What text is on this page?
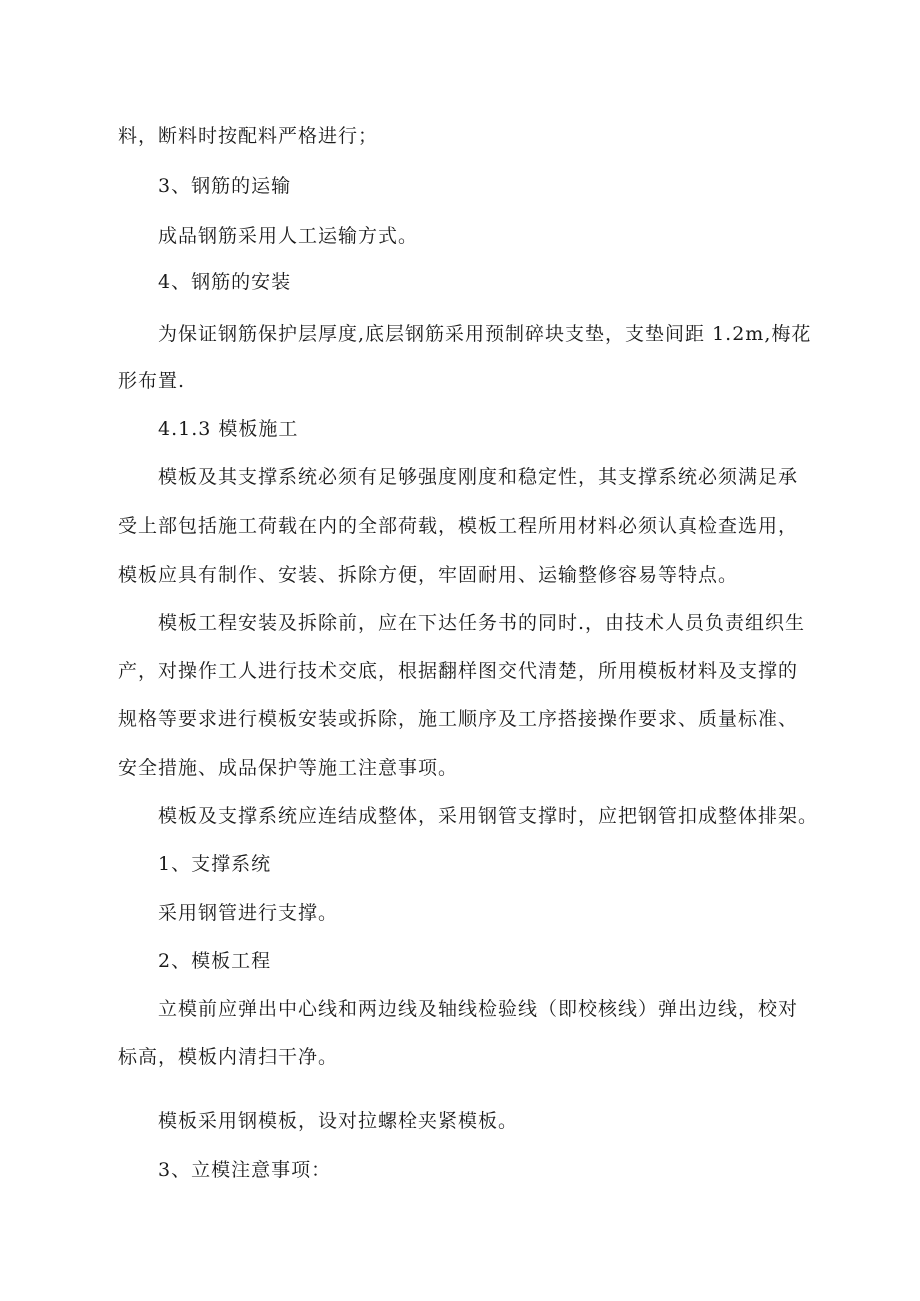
料，断料时按配料严格进行；
3、钢筋的运输
成品钢筋采用人工运输方式。
4、钢筋的安装
为保证钢筋保护层厚度,底层钢筋采用预制碎块支垫，支垫间距 1.2m,梅花
形布置.
4.1.3 模板施工
模板及其支撑系统必须有足够强度刚度和稳定性，其支撑系统必须满足承
受上部包括施工荷载在内的全部荷载，模板工程所用材料必须认真检查选用，
模板应具有制作、安装、拆除方便，牢固耐用、运输整修容易等特点。
模板工程安装及拆除前，应在下达任务书的同时.，由技术人员负责组织生
产，对操作工人进行技术交底，根据翻样图交代清楚，所用模板材料及支撑的
规格等要求进行模板安装或拆除，施工顺序及工序搭接操作要求、质量标准、
安全措施、成品保护等施工注意事项。
模板及支撑系统应连结成整体，采用钢管支撑时，应把钢管扣成整体排架。
1、支撑系统
采用钢管进行支撑。
2、模板工程
立模前应弹出中心线和两边线及轴线检验线（即校核线）弹出边线，校对
标高，模板内清扫干净。
模板采用钢模板，设对拉螺栓夹紧模板。
3、立模注意事项：
